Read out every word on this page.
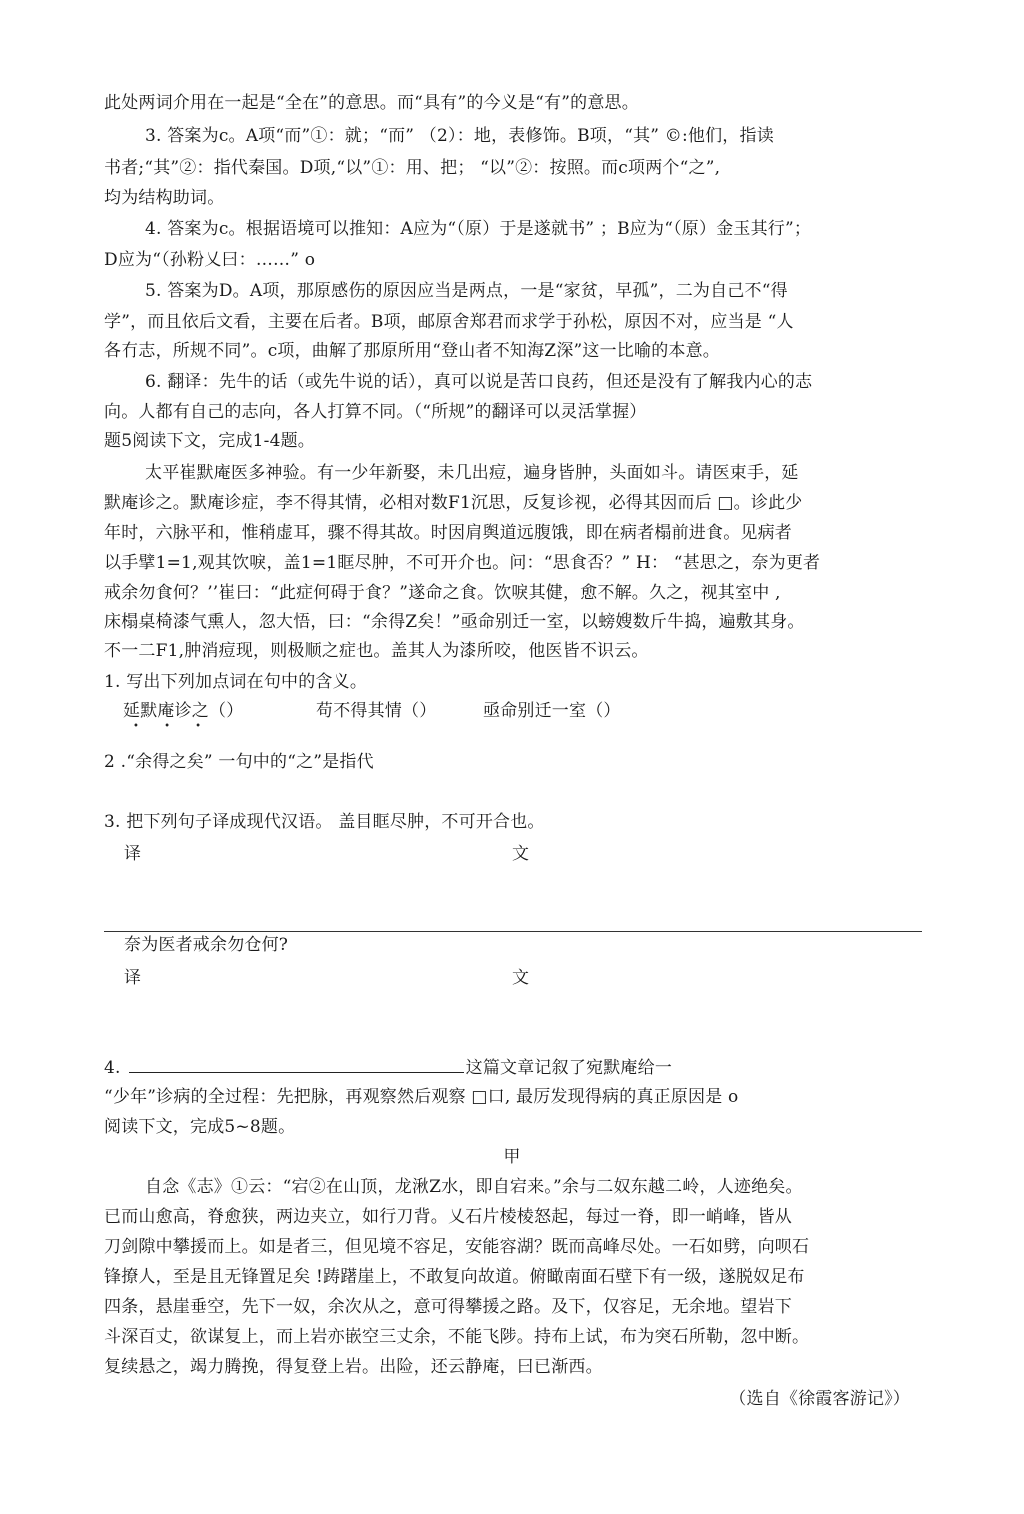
此处两词介用在一起是“全在”的意思。而“具有”的今义是“有”的意思。
3. 答案为c。A项“而”①：就；“而” （2）：地，表修饰。B项，“其” ©:他们，指读
书者;“其”②：指代秦国。D项,“以”①：用、把； “以”②：按照。而c项两个“之”,
均为结构助词。
4. 答案为c。根据语境可以推知：A应为“（原）于是遂就书” ；B应为“（原）金玉其行”；
D应为“（孙粉乂曰：……” o
5. 答案为D。A项，那原感伤的原因应当是两点，一是“家贫，早孤”，二为自己不“得
学”，而且依后文看，主要在后者。B项，邮原舍郑君而求学于孙松，原因不对，应当是 “人
各冇志，所规不同”。c项，曲解了那原所用“登山者不知海Z深”这一比喻的本意。
6. 翻译：先牛的话（或先牛说的话），真可以说是苦口良药，但还是没有了解我内心的志
向。人都有自己的志向，各人打算不同。（“所规”的翻译可以灵活掌握）
题5阅读下文，完成1-4题。
太平崔默庵医多神验。有一少年新娶，未几出痘，遍身皆肿，头面如斗。请医束手，延
默庵诊之。默庵诊症，李不得其情，必相对数F1沉思，反复诊视，必得其因而后 □。诊此少
年时，六脉平和，惟稍虚耳，骤不得其故。时因肩舆道远腹饿，即在病者榻前进食。见病者
以手擘1=1,观其饮唳，盖1=1眶尽肿，不可开介也。问：“思食否？” H： “甚思之，奈为更者
戒余勿食何？’’崔曰：“此症何碍于食？”遂命之食。饮唳其健，愈不解。久之，视其室中 ,
床榻桌椅漆气熏人，忽大悟，曰：“余得Z矣！”亟命别迁一室，以螃嫂数斤牛捣，遍敷其身。
不一二F1,肿消痘现，则极顺之症也。盖其人为漆所咬，他医皆不识云。
1. 写出下列加点词在句中的含义。
延默庵诊之（）	苟不得其情（）	亟命别迁一室（）
• • •
2 .“余得之矣” 一句中的“之”是指代
3. 把下列句子译成现代汉语。 盖目眶尽肿，不可开合也。
译	文
奈为医者戒余勿仓何?
译	文
4.	这篇文章记叙了宛默庵给一
“少年”诊病的全过程：先把脉，再观察然后观察 □口, 最厉发现得病的真正原因是 o
阅读下文，完成5~8题。
甲
自念《志》①云：“宕②在山顶，龙湫Z水，即自宕来。”余与二奴东越二岭，人迹绝矣。
已而山愈高，脊愈狭，两边夹立，如行刀背。乂石片棱棱怒起，每过一脊，即一峭峰，皆从
刀剑隙中攀援而上。如是者三，但见境不容足，安能容湖？既而高峰尽处。一石如劈，向呗石
锋撩人，至是且无锋置足矣 !踌躇崖上，不敢复向故道。俯瞰南面石壁下有一级，遂脱奴足布
四条，悬崖垂空，先下一奴，余次从之，意可得攀援之路。及下，仅容足，无余地。望岩下
斗深百丈，欲谋复上，而上岩亦嵌空三丈余，不能飞陟。持布上试，布为突石所勒，忽中断。
复续悬之，竭力腾挽，得复登上岩。出险，还云静庵，曰已渐西。
（选自《徐霞客游记》）
